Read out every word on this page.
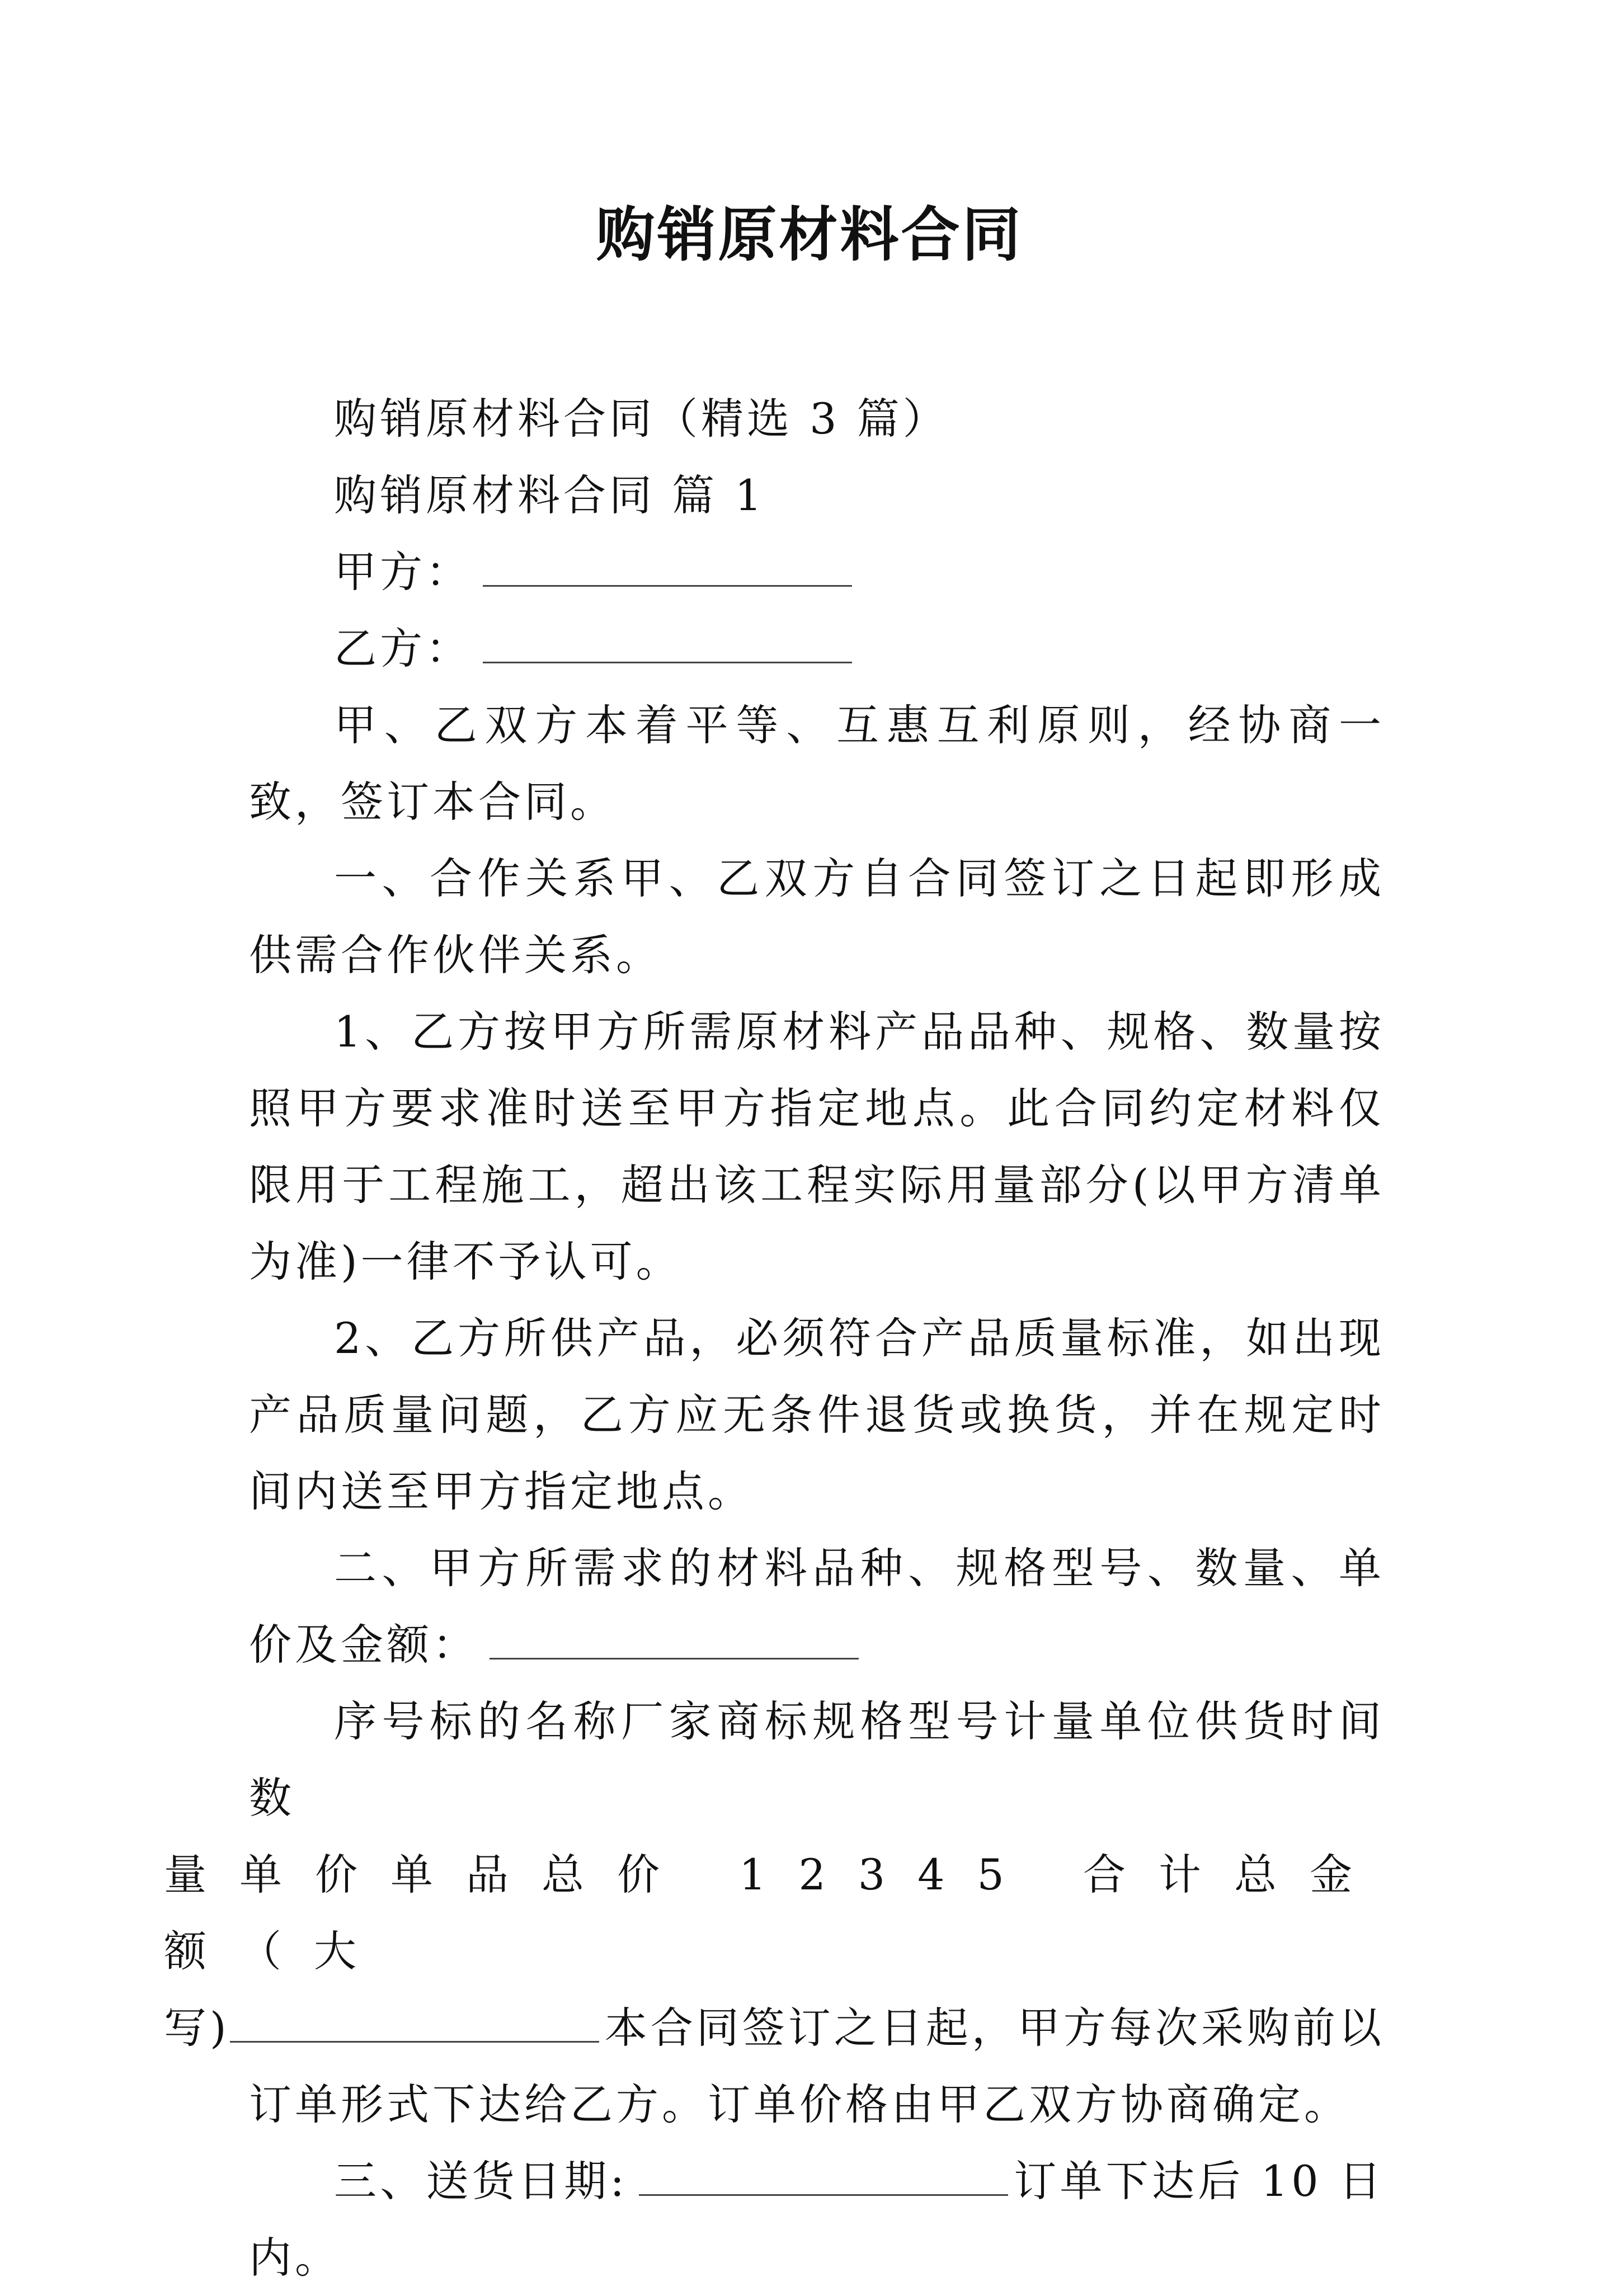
购销原材料合同

购销原材料合同（精选 3 篇）

购销原材料合同 篇 1

甲方：

乙方：

甲、乙双方本着平等、互惠互利原则，经协商一致，签订本合同。

一、合作关系甲、乙双方自合同签订之日起即形成供需合作伙伴关系。

1、乙方按甲方所需原材料产品品种、规格、数量按照甲方要求准时送至甲方指定地点。此合同约定材料仅限用于工程施工，超出该工程实际用量部分(以甲方清单为准)一律不予认可。

2、乙方所供产品，必须符合产品质量标准，如出现产品质量问题，乙方应无条件退货或换货，并在规定时间内送至甲方指定地点。

二、甲方所需求的材料品种、规格型号、数量、单价及金额：

序号标的名称厂家商标规格型号计量单位供货时间数
量单价单品总价 12345 合计总金额（大
写)	本合同签订之日起，甲方每次采购前以订单形式下达给乙方。订单价格由甲乙双方协商确定。

三、送货日期:	订单下达后 10 日内。
